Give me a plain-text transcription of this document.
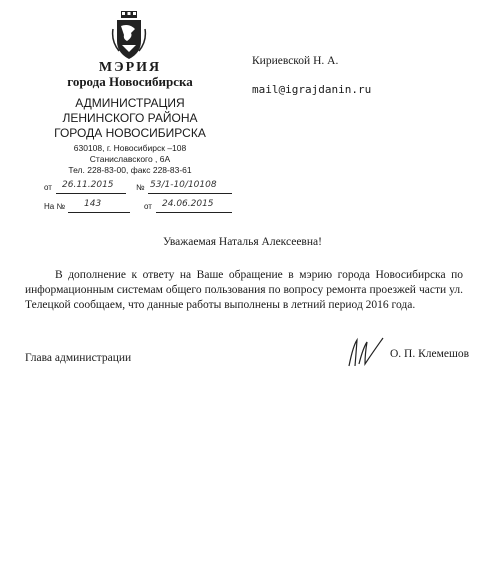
МЭРИЯ
города Новосибирска
АДМИНИСТРАЦИЯ
ЛЕНИНСКОГО РАЙОНА
ГОРОДА НОВОСИБИРСКА
630108, г. Новосибирск –108
Станиславского , 6А
Тел. 228-83-00, факс 228-83-61
от 26.11.2015	№ 53/1-10/10108
На № 143	от 24.06.2015
Кириевской Н. А.
mail@igrajdanin.ru
Уважаемая Наталья Алексеевна!
В дополнение к ответу на Ваше обращение в мэрию города Новосибирска по информационным системам общего пользования по вопросу ремонта проезжей части ул. Телецкой сообщаем, что данные работы выполнены в летний период 2016 года.
Глава администрации	О. П. Клемешов
